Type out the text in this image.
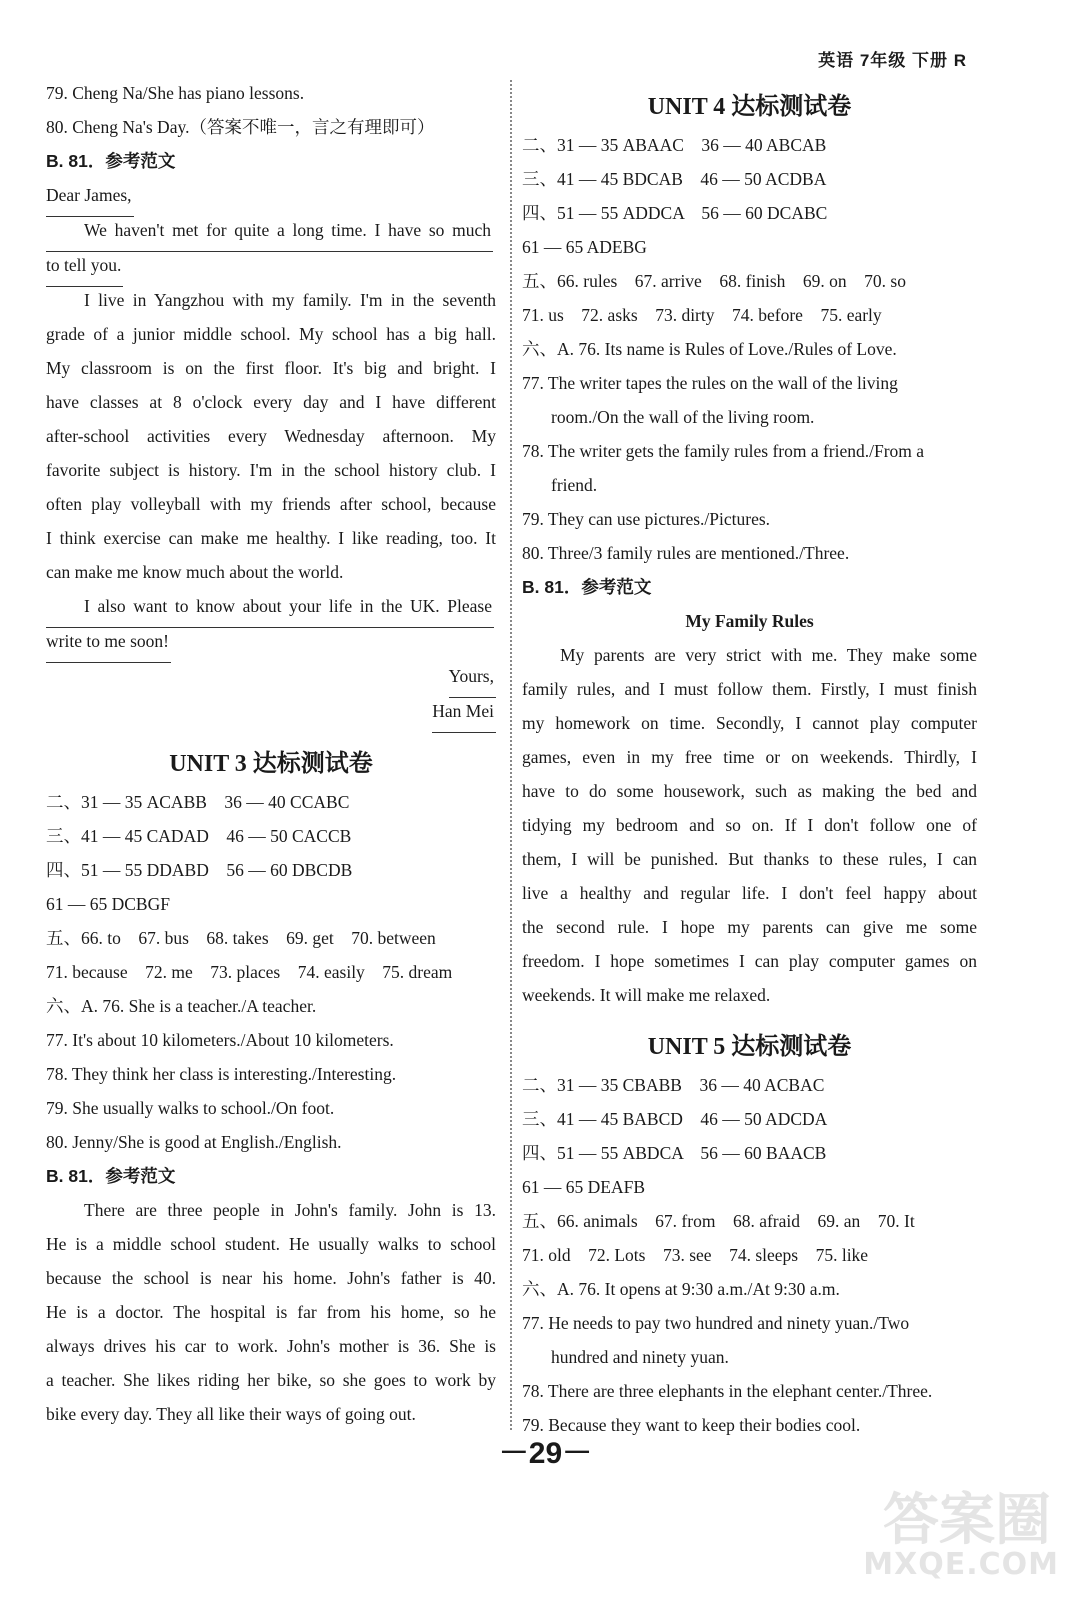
英语 7年级 下册 R
79. Cheng Na/She has piano lessons.
80. Cheng Na's Day.（答案不唯一，言之有理即可）
B. 81．参考范文
Dear James,
We haven't met for quite a long time. I have so much
to tell you.
I live in Yangzhou with my family. I'm in the seventh
grade of a junior middle school. My school has a big hall.
My classroom is on the first floor. It's big and bright. I
have classes at 8 o'clock every day and I have different
after-school activities every Wednesday afternoon. My
favorite subject is history. I'm in the school history club. I
often play volleyball with my friends after school, because
I think exercise can make me healthy. I like reading, too. It
can make me know much about the world.
I also want to know about your life in the UK. Please
write to me soon!
Yours,
Han Mei
UNIT 3 达标测试卷
二、31 — 35 ACABB　36 — 40 CCABC
三、41 — 45 CADAD　46 — 50 CACCB
四、51 — 55 DDABD　56 — 60 DBCDB
61 — 65 DCBGF
五、66. to　67. bus　68. takes　69. get　70. between
71. because　72. me　73. places　74. easily　75. dream
六、A. 76. She is a teacher./A teacher.
77. It's about 10 kilometers./About 10 kilometers.
78. They think her class is interesting./Interesting.
79. She usually walks to school./On foot.
80. Jenny/She is good at English./English.
B. 81．参考范文
There are three people in John's family. John is 13.
He is a middle school student. He usually walks to school
because the school is near his home. John's father is 40.
He is a doctor. The hospital is far from his home, so he
always drives his car to work. John's mother is 36. She is
a teacher. She likes riding her bike, so she goes to work by
bike every day. They all like their ways of going out.
UNIT 4 达标测试卷
二、31 — 35 ABAAC　36 — 40 ABCAB
三、41 — 45 BDCAB　46 — 50 ACDBA
四、51 — 55 ADDCA　56 — 60 DCABC
61 — 65 ADEBG
五、66. rules　67. arrive　68. finish　69. on　70. so
71. us　72. asks　73. dirty　74. before　75. early
六、A. 76. Its name is Rules of Love./Rules of Love.
77. The writer tapes the rules on the wall of the living
room./On the wall of the living room.
78. The writer gets the family rules from a friend./From a
friend.
79. They can use pictures./Pictures.
80. Three/3 family rules are mentioned./Three.
B. 81．参考范文
My Family Rules
My parents are very strict with me. They make some
family rules, and I must follow them. Firstly, I must finish
my homework on time. Secondly, I cannot play computer
games, even in my free time or on weekends. Thirdly, I
have to do some housework, such as making the bed and
tidying my bedroom and so on. If I don't follow one of
them, I will be punished. But thanks to these rules, I can
live a healthy and regular life. I don't feel happy about
the second rule. I hope my parents can give me some
freedom. I hope sometimes I can play computer games on
weekends. It will make me relaxed.
UNIT 5 达标测试卷
二、31 — 35 CBABB　36 — 40 ACBAC
三、41 — 45 BABCD　46 — 50 ADCDA
四、51 — 55 ABDCA　56 — 60 BAACB
61 — 65 DEAFB
五、66. animals　67. from　68. afraid　69. an　70. It
71. old　72. Lots　73. see　74. sleeps　75. like
六、A. 76. It opens at 9:30 a.m./At 9:30 a.m.
77. He needs to pay two hundred and ninety yuan./Two
hundred and ninety yuan.
78. There are three elephants in the elephant center./Three.
79. Because they want to keep their bodies cool.
－29－
答案圈
MXQE.COM
